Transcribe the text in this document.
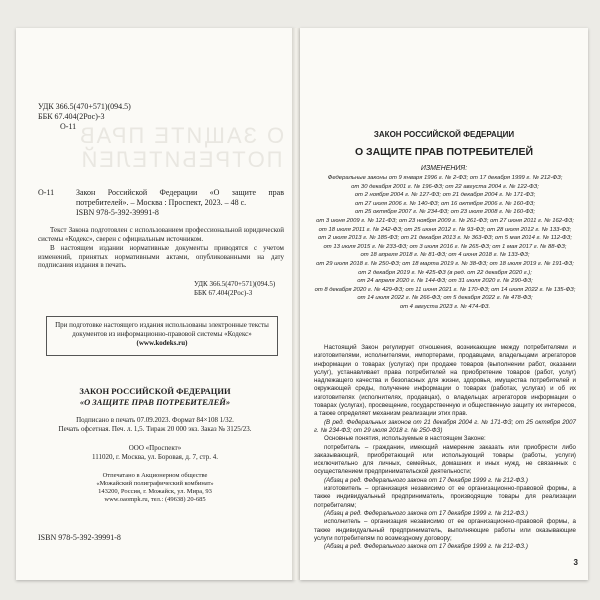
О ЗАЩИТЕ ПРАВ
ПОТРЕБИТЕЛЕЙ
УДК 366.5(470+571)(094.5)
ББК 67.404(2Рос)-3
О-11
О-11	Закон Российской Федерации «О защите прав потребителей». – Москва : Проспект, 2023. – 48 с.
ISBN 978-5-392-39991-8
Текст Закона подготовлен с использованием профессиональной юридической системы «Кодекс», сверен с официальным источником.
В настоящем издании нормативные документы приводятся с учетом изменений, принятых нормативными актами, опубликованными на дату подписания издания в печать.
УДК 366.5(470+571)(094.5)
ББК 67.404(2Рос)-3
При подготовке настоящего издания использованы электронные тексты документов из информационно-правовой системы «Кодекс»
(www.kodeks.ru)
ЗАКОН РОССИЙСКОЙ ФЕДЕРАЦИИ
«О ЗАЩИТЕ ПРАВ ПОТРЕБИТЕЛЕЙ»
Подписано в печать 07.09.2023. Формат 84×108 1/32.
Печать офсетная. Печ. л. 1,5. Тираж 20 000 экз. Заказ № 3125/23.
ООО «Проспект»
111020, г. Москва, ул. Боровая, д. 7, стр. 4.
Отпечатано в Акционерном обществе
«Можайский полиграфический комбинат»
143200, Россия, г. Можайск, ул. Мира, 93
www.oaompk.ru, тел.: (49638) 20-685
ISBN 978-5-392-39991-8
ЗАКОН РОССИЙСКОЙ ФЕДЕРАЦИИ
О ЗАЩИТЕ ПРАВ ПОТРЕБИТЕЛЕЙ
ИЗМЕНЕНИЯ:
Федеральные законы от 9 января 1996 г. № 2-ФЗ; от 17 декабря 1999 г. № 212-ФЗ;
от 30 декабря 2001 г. № 196-ФЗ; от 22 августа 2004 г. № 122-ФЗ;
от 2 ноября 2004 г. № 127-ФЗ; от 21 декабря 2004 г. № 171-ФЗ;
от 27 июля 2006 г. № 140-ФЗ; от 16 октября 2006 г. № 160-ФЗ;
от 25 октября 2007 г. № 234-ФЗ; от 23 июля 2008 г. № 160-ФЗ;
от 3 июня 2009 г. № 121-ФЗ; от 23 ноября 2009 г. № 261-ФЗ; от 27 июня 2011 г. № 162-ФЗ;
от 18 июля 2011 г. № 242-ФЗ; от 25 июня 2012 г. № 93-ФЗ; от 28 июля 2012 г. № 133-ФЗ;
от 2 июля 2013 г. № 185-ФЗ; от 21 декабря 2013 г. № 363-ФЗ; от 5 мая 2014 г. № 112-ФЗ;
от 13 июля 2015 г. № 233-ФЗ; от 3 июля 2016 г. № 265-ФЗ; от 1 мая 2017 г. № 88-ФЗ;
от 18 апреля 2018 г. № 81-ФЗ; от 4 июня 2018 г. № 133-ФЗ;
от 29 июля 2018 г. № 250-ФЗ; от 18 марта 2019 г. № 38-ФЗ; от 18 июля 2019 г. № 191-ФЗ;
от 2 декабря 2019 г. № 425-ФЗ (в ред. от 22 декабря 2020 г.);
от 24 апреля 2020 г. № 144-ФЗ; от 31 июля 2020 г. № 290-ФЗ;
от 8 декабря 2020 г. № 429-ФЗ; от 11 июня 2021 г. № 170-ФЗ; от 14 июля 2022 г. № 135-ФЗ;
от 14 июля 2022 г. № 266-ФЗ; от 5 декабря 2022 г. № 478-ФЗ;
от 4 августа 2023 г. № 474-ФЗ.

Настоящий Закон регулирует отношения, возникающие между потребителями и изготовителями, исполнителями, импортерами, продавцами, владельцами агрегаторов информации о товарах (услугах) при продаже товаров (выполнении работ, оказании услуг), устанавливает права потребителей на приобретение товаров (работ, услуг) надлежащего качества и безопасных для жизни, здоровья, имущества потребителей и окружающей среды, получение информации о товарах (работах, услугах) и об их изготовителях (исполнителях, продавцах), о владельцах агрегаторов информации о товарах (услугах), просвещение, государственную и общественную защиту их интересов, а также определяет механизм реализации этих прав.

(В ред. Федеральных законов от 21 декабря 2004 г. № 171-ФЗ; от 25 октября 2007 г. № 234-ФЗ; от 29 июля 2018 г. № 250-ФЗ)

Основные понятия, используемые в настоящем Законе:

потребитель – гражданин, имеющий намерение заказать или приобрести либо заказывающий, приобретающий или использующий товары (работы, услуги) исключительно для личных, семейных, домашних и иных нужд, не связанных с осуществлением предпринимательской деятельности;

(Абзац в ред. Федерального закона от 17 декабря 1999 г. № 212-ФЗ.)

изготовитель – организация независимо от ее организационно-правовой формы, а также индивидуальный предприниматель, производящие товары для реализации потребителям;

(Абзац в ред. Федерального закона от 17 декабря 1999 г. № 212-ФЗ.)

исполнитель – организация независимо от ее организационно-правовой формы, а также индивидуальный предприниматель, выполняющие работы или оказывающие услуги потребителям по возмездному договору;

(Абзац в ред. Федерального закона от 17 декабря 1999 г. № 212-ФЗ.)

3
